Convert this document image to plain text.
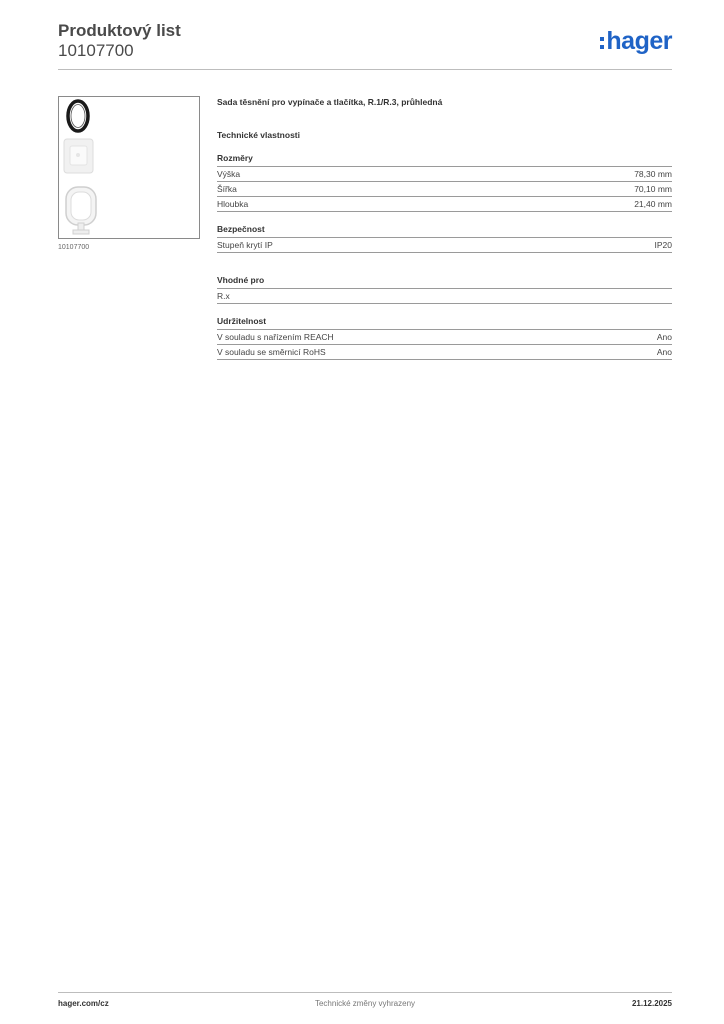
Produktový list
10107700	hager
10107700
Sada těsnění pro vypínače a tlačítka, R.1/R.3, průhledná
Technické vlastnosti
Rozměry
Výška	78,30 mm
Šířka	70,10 mm
Hloubka	21,40 mm
Bezpečnost
Stupeň krytí IP	IP20
Vhodné pro
R.x
Udržitelnost
V souladu s nařízením REACH	Ano
V souladu se směrnicí RoHS	Ano
hager.com/cz	Technické změny vyhrazeny	21.12.2025
